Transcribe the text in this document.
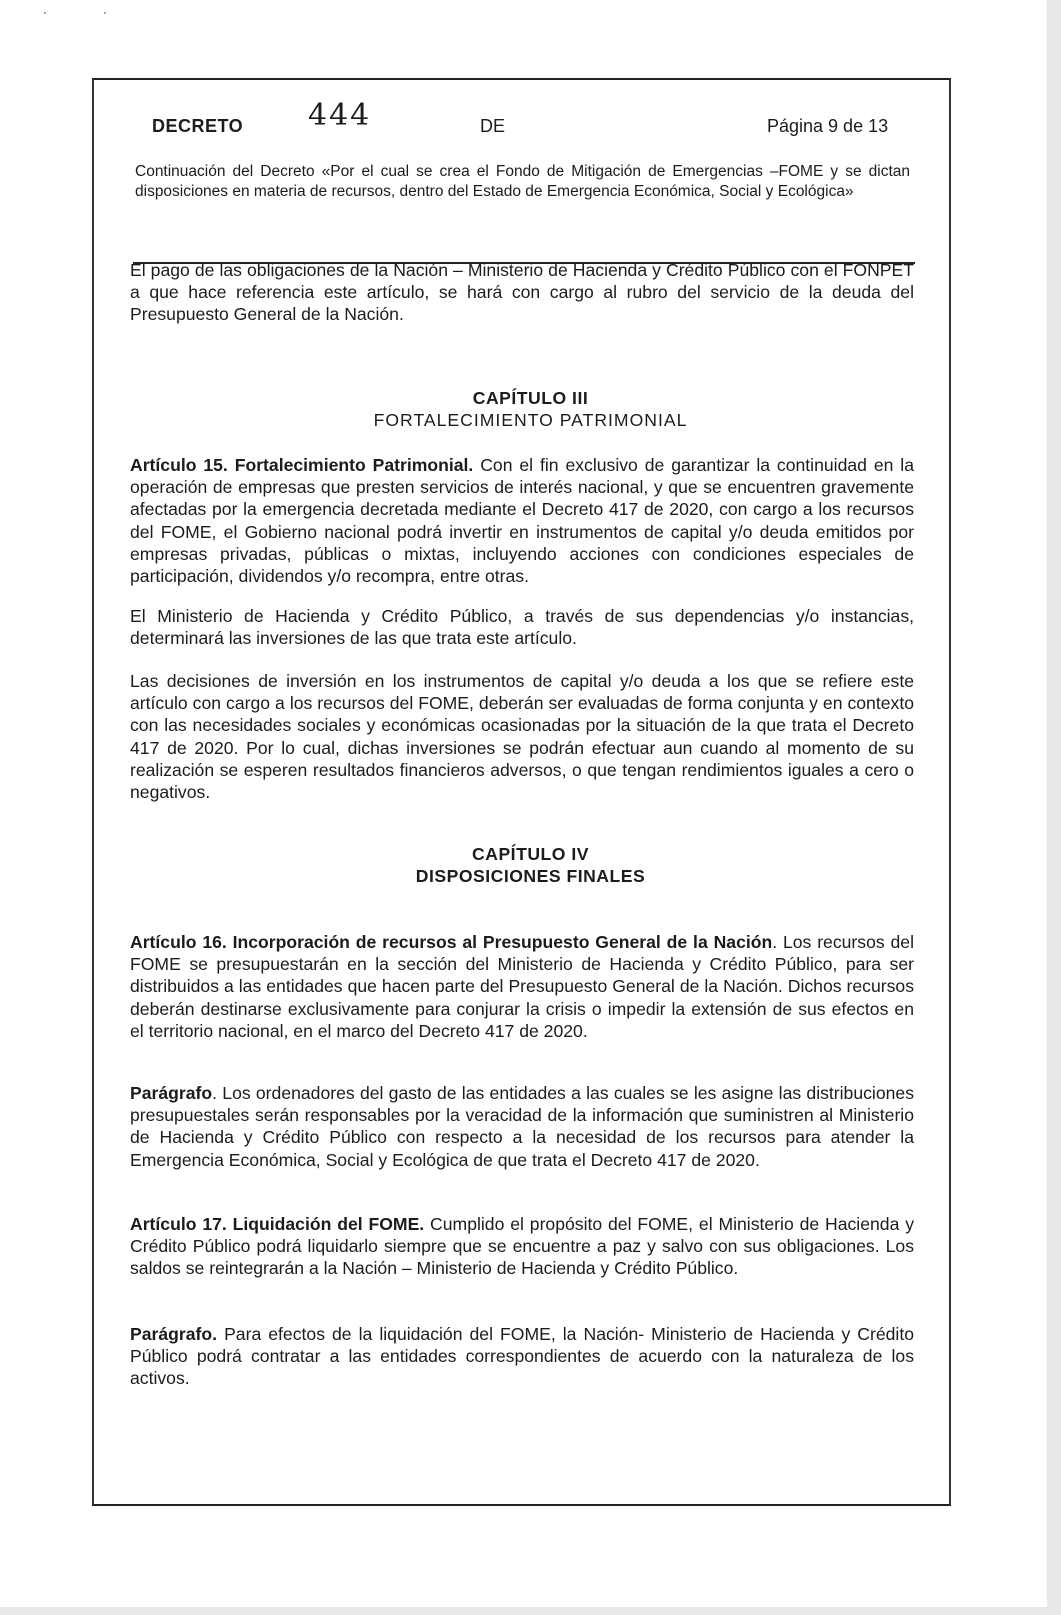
DECRETO 444	DE	Página 9 de 13
Continuación del Decreto «Por el cual se crea el Fondo de Mitigación de Emergencias –FOME y se dictan disposiciones en materia de recursos, dentro del Estado de Emergencia Económica, Social y Ecológica»

El pago de las obligaciones de la Nación – Ministerio de Hacienda y Crédito Público con el FONPET a que hace referencia este artículo, se hará con cargo al rubro del servicio de la deuda del Presupuesto General de la Nación.

CAPÍTULO III
FORTALECIMIENTO PATRIMONIAL

Artículo 15. Fortalecimiento Patrimonial. Con el fin exclusivo de garantizar la continuidad en la operación de empresas que presten servicios de interés nacional, y que se encuentren gravemente afectadas por la emergencia decretada mediante el Decreto 417 de 2020, con cargo a los recursos del FOME, el Gobierno nacional podrá invertir en instrumentos de capital y/o deuda emitidos por empresas privadas, públicas o mixtas, incluyendo acciones con condiciones especiales de participación, dividendos y/o recompra, entre otras.

El Ministerio de Hacienda y Crédito Público, a través de sus dependencias y/o instancias, determinará las inversiones de las que trata este artículo.

Las decisiones de inversión en los instrumentos de capital y/o deuda a los que se refiere este artículo con cargo a los recursos del FOME, deberán ser evaluadas de forma conjunta y en contexto con las necesidades sociales y económicas ocasionadas por la situación de la que trata el Decreto 417 de 2020. Por lo cual, dichas inversiones se podrán efectuar aun cuando al momento de su realización se esperen resultados financieros adversos, o que tengan rendimientos iguales a cero o negativos.

CAPÍTULO IV
DISPOSICIONES FINALES

Artículo 16. Incorporación de recursos al Presupuesto General de la Nación. Los recursos del FOME se presupuestarán en la sección del Ministerio de Hacienda y Crédito Público, para ser distribuidos a las entidades que hacen parte del Presupuesto General de la Nación. Dichos recursos deberán destinarse exclusivamente para conjurar la crisis o impedir la extensión de sus efectos en el territorio nacional, en el marco del Decreto 417 de 2020.

Parágrafo. Los ordenadores del gasto de las entidades a las cuales se les asigne las distribuciones presupuestales serán responsables por la veracidad de la información que suministren al Ministerio de Hacienda y Crédito Público con respecto a la necesidad de los recursos para atender la Emergencia Económica, Social y Ecológica de que trata el Decreto 417 de 2020.

Artículo 17. Liquidación del FOME. Cumplido el propósito del FOME, el Ministerio de Hacienda y Crédito Público podrá liquidarlo siempre que se encuentre a paz y salvo con sus obligaciones. Los saldos se reintegrarán a la Nación – Ministerio de Hacienda y Crédito Público.

Parágrafo. Para efectos de la liquidación del FOME, la Nación- Ministerio de Hacienda y Crédito Público podrá contratar a las entidades correspondientes de acuerdo con la naturaleza de los activos.
